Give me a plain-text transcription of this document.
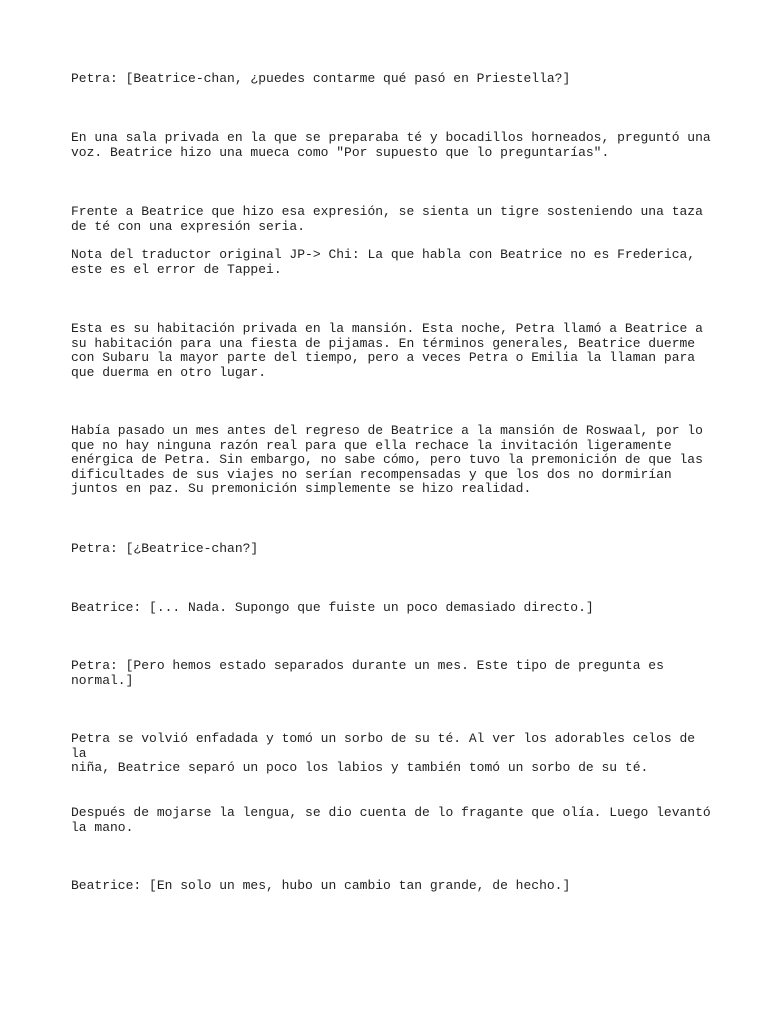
Petra: [Beatrice-chan, ¿puedes contarme qué pasó en Priestella?]

En una sala privada en la que se preparaba té y bocadillos horneados, preguntó una
voz. Beatrice hizo una mueca como "Por supuesto que lo preguntarías".

Frente a Beatrice que hizo esa expresión, se sienta un tigre sosteniendo una taza
de té con una expresión seria.

Nota del traductor original JP-> Chi: La que habla con Beatrice no es Frederica,
este es el error de Tappei.

Esta es su habitación privada en la mansión. Esta noche, Petra llamó a Beatrice a
su habitación para una fiesta de pijamas. En términos generales, Beatrice duerme
con Subaru la mayor parte del tiempo, pero a veces Petra o Emilia la llaman para
que duerma en otro lugar.

Había pasado un mes antes del regreso de Beatrice a la mansión de Roswaal, por lo
que no hay ninguna razón real para que ella rechace la invitación ligeramente
enérgica de Petra. Sin embargo, no sabe cómo, pero tuvo la premonición de que las
dificultades de sus viajes no serían recompensadas y que los dos no dormirían
juntos en paz. Su premonición simplemente se hizo realidad.

Petra: [¿Beatrice-chan?]

Beatrice: [... Nada. Supongo que fuiste un poco demasiado directo.]

Petra: [Pero hemos estado separados durante un mes. Este tipo de pregunta es
normal.]

Petra se volvió enfadada y tomó un sorbo de su té. Al ver los adorables celos de la
niña, Beatrice separó un poco los labios y también tomó un sorbo de su té.

Después de mojarse la lengua, se dio cuenta de lo fragante que olía. Luego levantó
la mano.

Beatrice: [En solo un mes, hubo un cambio tan grande, de hecho.]
